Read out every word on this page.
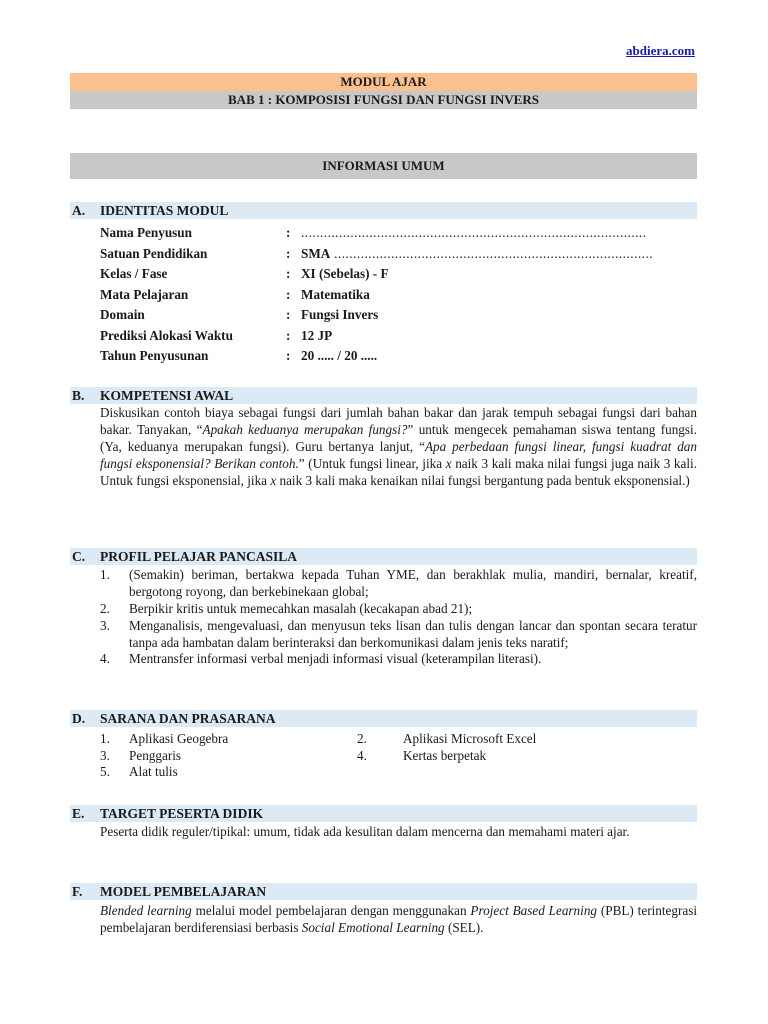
abdiera.com
MODUL AJAR
BAB 1 : KOMPOSISI FUNGSI DAN FUNGSI INVERS
INFORMASI UMUM
A. IDENTITAS MODUL
Nama Penyusun	: ...........................................................................................
Satuan Pendidikan	: SMA ....................................................................................
Kelas / Fase	: XI (Sebelas) - F
Mata Pelajaran	: Matematika
Domain	: Fungsi Invers
Prediksi Alokasi Waktu	: 12 JP
Tahun Penyusunan	: 20 ..... / 20 .....
B. KOMPETENSI AWAL

Diskusikan contoh biaya sebagai fungsi dari jumlah bahan bakar dan jarak tempuh sebagai fungsi dari bahan bakar. Tanyakan, “Apakah keduanya merupakan fungsi?” untuk mengecek pemahaman siswa tentang fungsi. (Ya, keduanya merupakan fungsi). Guru bertanya lanjut, “Apa perbedaan fungsi linear, fungsi kuadrat dan fungsi eksponensial? Berikan contoh.” (Untuk fungsi linear, jika x naik 3 kali maka nilai fungsi juga naik 3 kali. Untuk fungsi eksponensial, jika x naik 3 kali maka kenaikan nilai fungsi bergantung pada bentuk eksponensial.)

C. PROFIL PELAJAR PANCASILA
1. (Semakin) beriman, bertakwa kepada Tuhan YME, dan berakhlak mulia, mandiri, bernalar, kreatif, bergotong royong, dan berkebinekaan global;
2. Berpikir kritis untuk memecahkan masalah (kecakapan abad 21);
3. Menganalisis, mengevaluasi, dan menyusun teks lisan dan tulis dengan lancar dan spontan secara teratur tanpa ada hambatan dalam berinteraksi dan berkomunikasi dalam jenis teks naratif;
4. Mentransfer informasi verbal menjadi informasi visual (keterampilan literasi).
D. SARANA DAN PRASARANA
1. Aplikasi Geogebra	2.	Aplikasi Microsoft Excel
3. Penggaris	4.	Kertas berpetak
5. Alat tulis
E. TARGET PESERTA DIDIK

Peserta didik reguler/tipikal: umum, tidak ada kesulitan dalam mencerna dan memahami materi ajar.

F. MODEL PEMBELAJARAN

Blended learning melalui model pembelajaran dengan menggunakan Project Based Learning (PBL) terintegrasi pembelajaran berdiferensiasi berbasis Social Emotional Learning (SEL).
